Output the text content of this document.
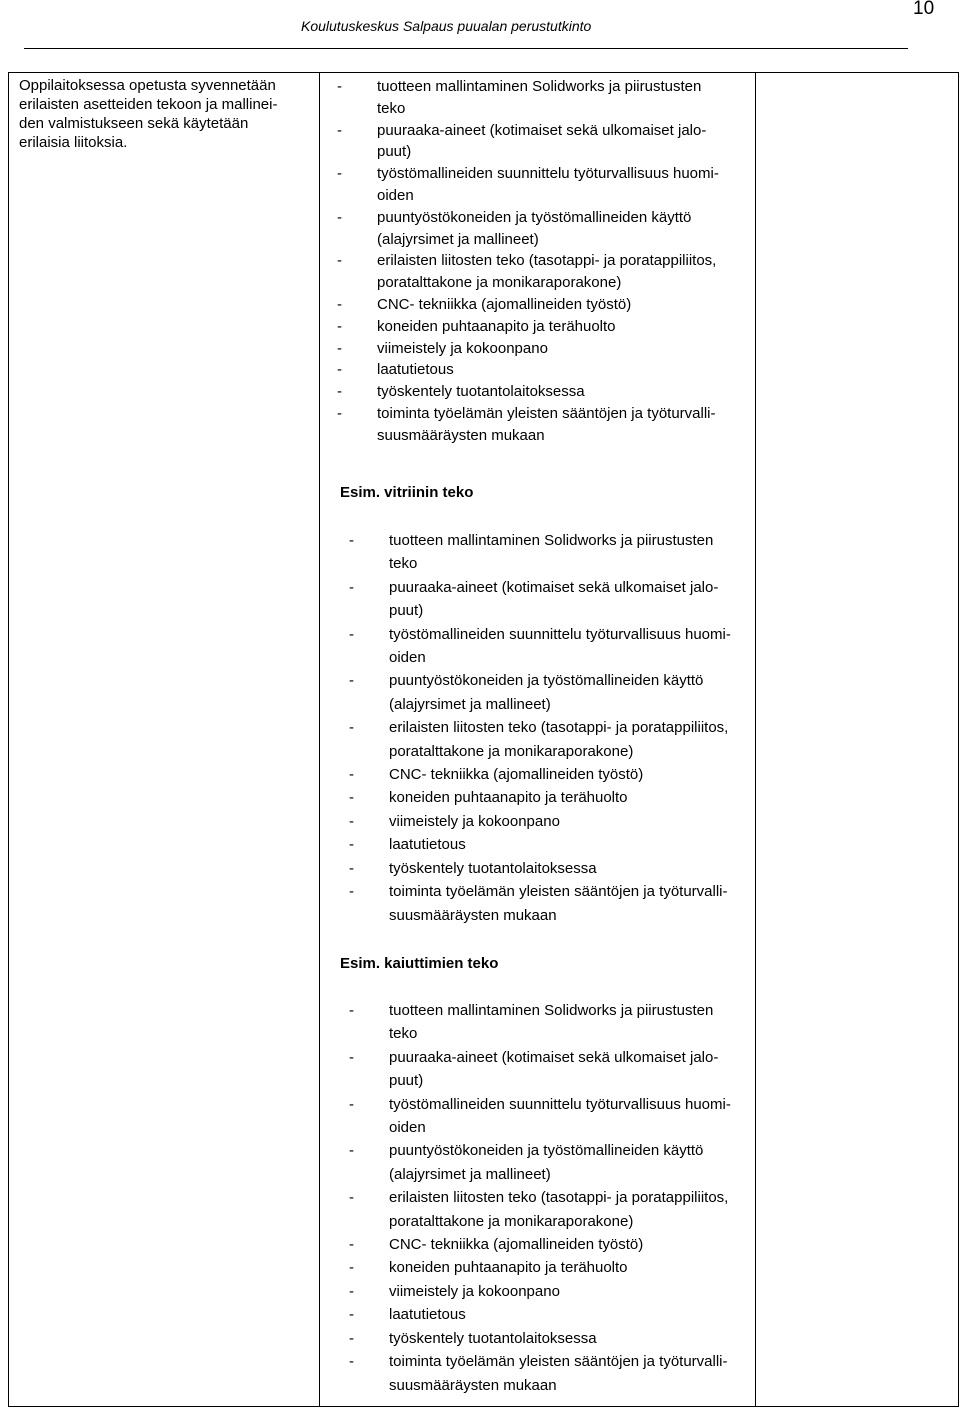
10
Koulutuskeskus Salpaus puualan perustutkinto
Oppilaitoksessa opetusta syvennetään
erilaisten asetteiden tekoon ja mallinei-
den valmistukseen sekä käytetään
erilaisia liitoksia.
- tuotteen mallintaminen Solidworks ja piirustusten
teko
- puuraaka-aineet (kotimaiset sekä ulkomaiset jalo-
puut)
- työstömallineiden suunnittelu työturvallisuus huomi-
oiden
- puuntyöstökoneiden ja työstömallineiden käyttö
(alajyrsimet ja mallineet)
- erilaisten liitosten teko (tasotappi- ja poratappiliitos,
poratalttakone ja monikaraporakone)
- CNC- tekniikka (ajomallineiden työstö)
- koneiden puhtaanapito ja terähuolto
- viimeistely ja kokoonpano
- laatutietous
- työskentely tuotantolaitoksessa
- toiminta työelämän yleisten sääntöjen ja työturvalli-
suusmääräysten mukaan
Esim. vitriinin teko
- tuotteen mallintaminen Solidworks ja piirustusten
teko
- puuraaka-aineet (kotimaiset sekä ulkomaiset jalo-
puut)
- työstömallineiden suunnittelu työturvallisuus huomi-
oiden
- puuntyöstökoneiden ja työstömallineiden käyttö
(alajyrsimet ja mallineet)
- erilaisten liitosten teko (tasotappi- ja poratappiliitos,
poratalttakone ja monikaraporakone)
- CNC- tekniikka (ajomallineiden työstö)
- koneiden puhtaanapito ja terähuolto
- viimeistely ja kokoonpano
- laatutietous
- työskentely tuotantolaitoksessa
- toiminta työelämän yleisten sääntöjen ja työturvalli-
suusmääräysten mukaan
Esim. kaiuttimien teko
- tuotteen mallintaminen Solidworks ja piirustusten
teko
- puuraaka-aineet (kotimaiset sekä ulkomaiset jalo-
puut)
- työstömallineiden suunnittelu työturvallisuus huomi-
oiden
- puuntyöstökoneiden ja työstömallineiden käyttö
(alajyrsimet ja mallineet)
- erilaisten liitosten teko (tasotappi- ja poratappiliitos,
poratalttakone ja monikaraporakone)
- CNC- tekniikka (ajomallineiden työstö)
- koneiden puhtaanapito ja terähuolto
- viimeistely ja kokoonpano
- laatutietous
- työskentely tuotantolaitoksessa
- toiminta työelämän yleisten sääntöjen ja työturvalli-
suusmääräysten mukaan
